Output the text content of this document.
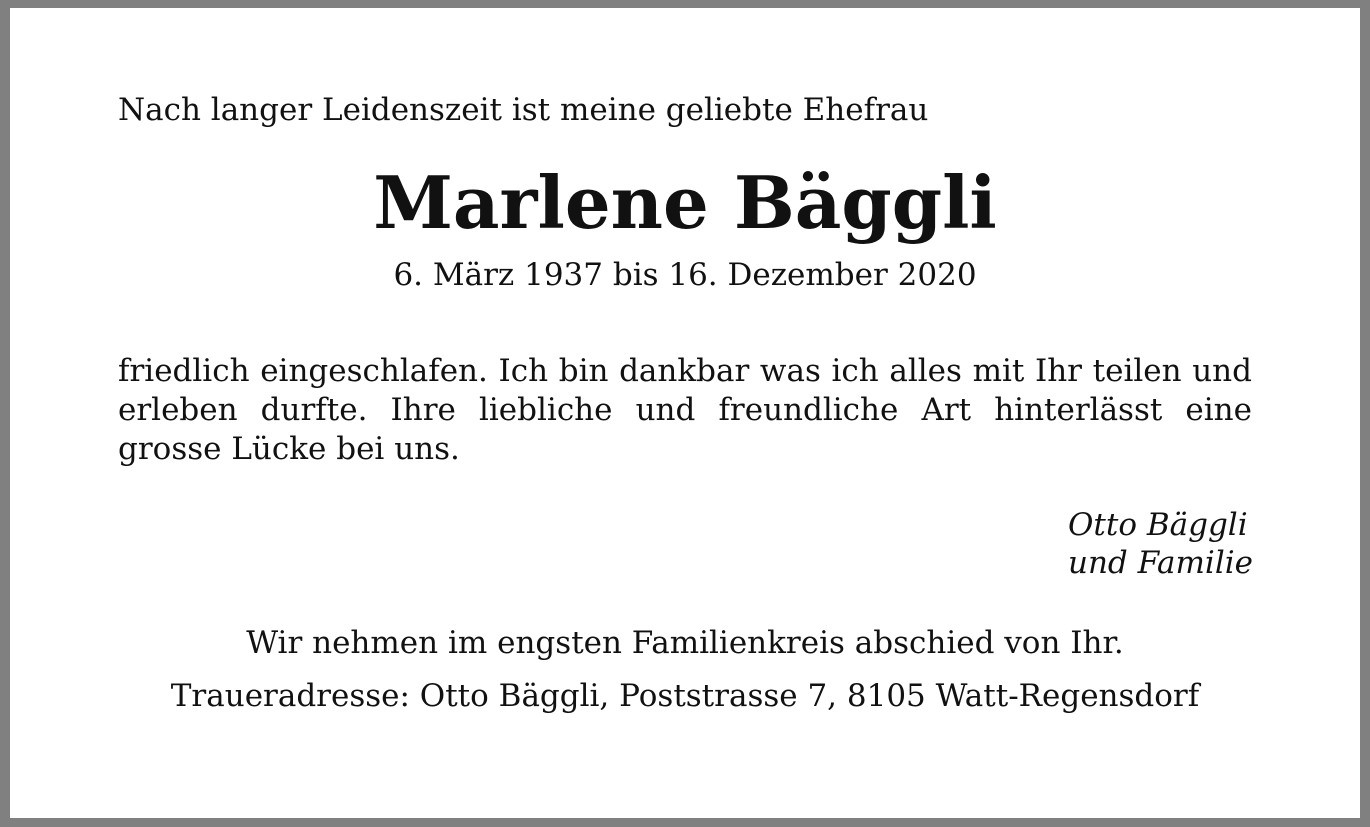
Nach langer Leidenszeit ist meine geliebte Ehefrau
Marlene Bäggli
6. März 1937 bis 16. Dezember 2020
friedlich eingeschlafen. Ich bin dankbar was ich alles mit Ihr teilen und erleben durfte. Ihre liebliche und freundliche Art hinterlässt eine grosse Lücke bei uns.
Otto Bäggli
und Familie
Wir nehmen im engsten Familienkreis abschied von Ihr.
Traueradresse: Otto Bäggli, Poststrasse 7, 8105 Watt-Regensdorf
